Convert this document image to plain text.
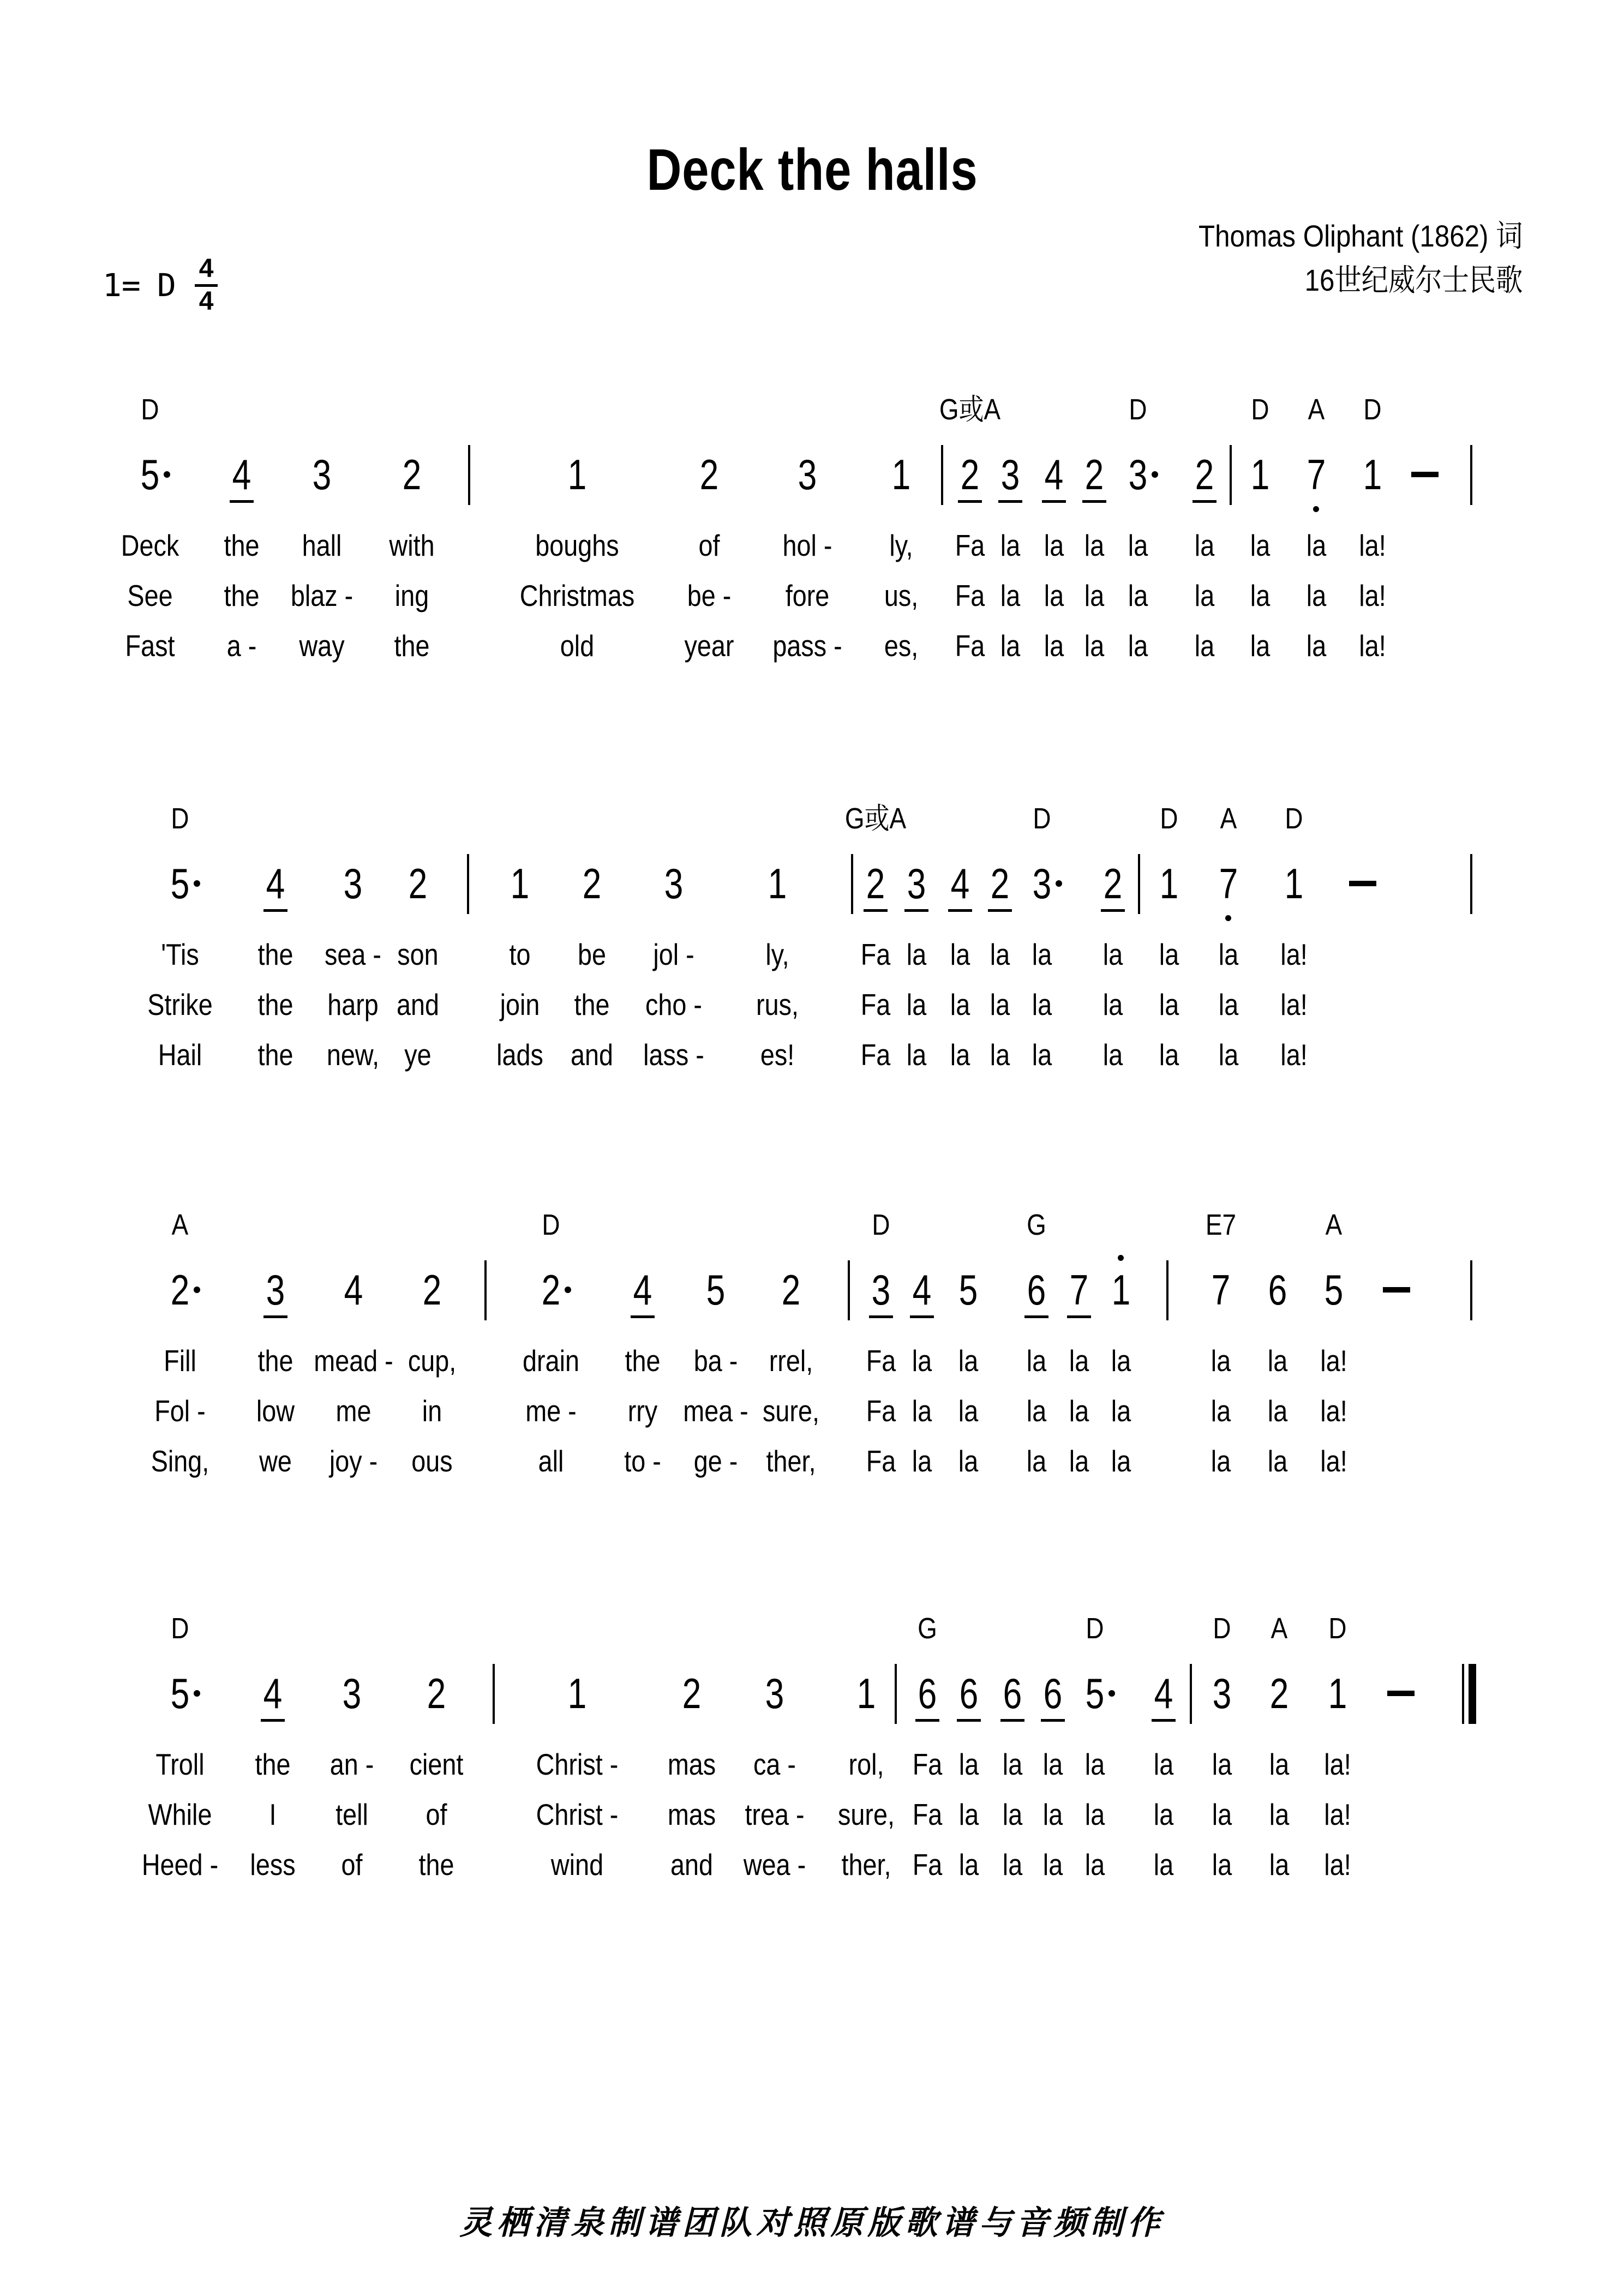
Deck the halls
Thomas Oliphant (1862) 词
16世纪威尔士民歌
1= D $\frac{4}{4}$
D
5
Deck
See
Fast
4
the
the
a -
3
hall
blaz -
way
2
with
ing
the
1
boughs
Christmas
old
2
of
be -
year
3
hol -
fore
pass -
1
ly,
us,
es,
G或A
2
Fa
Fa
Fa
3
la
la
la
4
la
la
la
2
la
la
la
D
3
la
la
la
2
la
la
la
D
1
la
la
la
A
7
la
la
la
D
1
la!
la!
la!
D
5
'Tis
Strike
Hail
4
the
the
the
3
sea -
harp
new,
2
son
and
ye
1
to
join
lads
2
be
the
and
3
jol -
cho -
lass -
1
ly,
rus,
es!
G或A
2
Fa
Fa
Fa
3
la
la
la
4
la
la
la
2
la
la
la
D
3
la
la
la
2
la
la
la
D
1
la
la
la
A
7
la
la
la
D
1
la!
la!
la!
A
2
Fill
Fol -
Sing,
3
the
low
we
4
mead -
me
joy -
2
cup,
in
ous
D
2
drain
me -
all
4
the
rry
to -
5
ba -
mea -
ge -
2
rrel,
sure,
ther,
D
3
Fa
Fa
Fa
4
la
la
la
5
la
la
la
G
6
la
la
la
7
la
la
la
1
la
la
la
E7
7
la
la
la
6
la
la
la
A
5
la!
la!
la!
D
5
Troll
While
Heed -
4
the
I
less
3
an -
tell
of
2
cient
of
the
1
Christ -
Christ -
wind
2
mas
mas
and
3
ca -
trea -
wea -
1
rol,
sure,
ther,
G
6
Fa
Fa
Fa
6
la
la
la
6
la
la
la
6
la
la
la
D
5
la
la
la
4
la
la
la
D
3
la
la
la
A
2
la
la
la
D
1
la!
la!
la!
灵栖清泉制谱团队对照原版歌谱与音频制作
